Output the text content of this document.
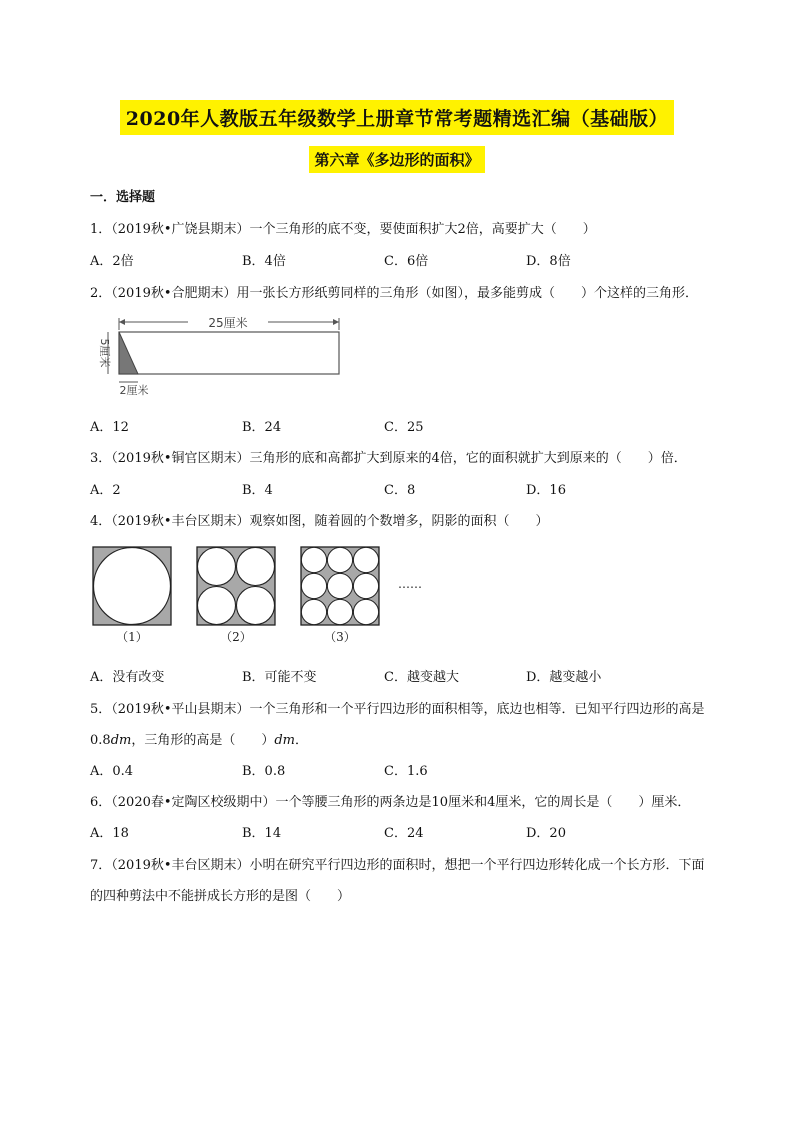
2020年人教版五年级数学上册章节常考题精选汇编（基础版）
第六章《多边形的面积》
一．选择题
1．（2019秋•广饶县期末）一个三角形的底不变，要使面积扩大2倍，高要扩大（　　）
A．2倍	B．4倍	C．6倍	D．8倍
2．（2019秋•合肥期末）用一张长方形纸剪同样的三角形（如图），最多能剪成（　　）个这样的三角形．
25厘米
5厘米
2厘米
A．12	B．24	C．25
3．（2019秋•铜官区期末）三角形的底和高都扩大到原来的4倍，它的面积就扩大到原来的（　　）倍．
A．2	B．4	C．8	D．16
4．（2019秋•丰台区期末）观察如图，随着圆的个数增多，阴影的面积（　　）
（1）	（2）	（3）
……
A．没有改变	B．可能不变	C．越变越大	D．越变越小
5．（2019秋•平山县期末）一个三角形和一个平行四边形的面积相等，底边也相等．已知平行四边形的高是
0.8dm，三角形的高是（　　）dm．
A．0.4	B．0.8	C．1.6
6．（2020春•定陶区校级期中）一个等腰三角形的两条边是10厘米和4厘米，它的周长是（　　）厘米．
A．18	B．14	C．24	D．20
7．（2019秋•丰台区期末）小明在研究平行四边形的面积时，想把一个平行四边形转化成一个长方形．下面
的四种剪法中不能拼成长方形的是图（　　）
